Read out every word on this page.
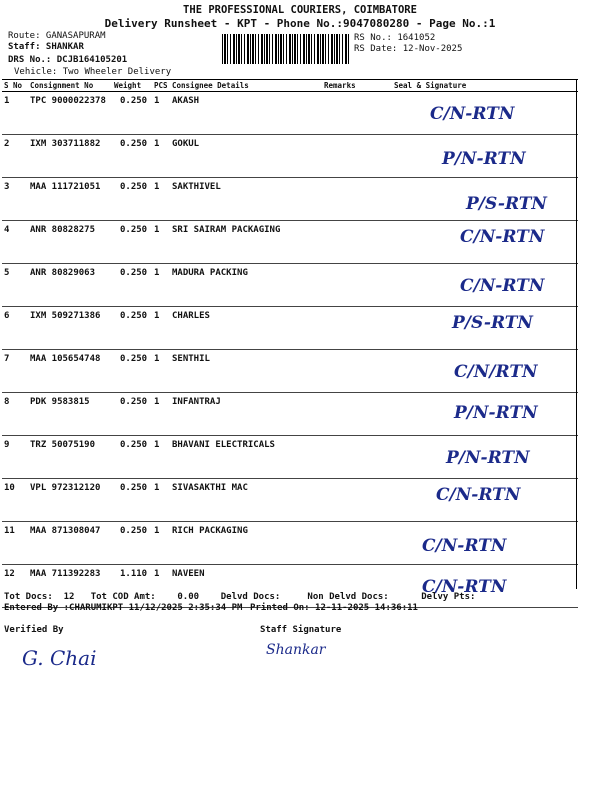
THE PROFESSIONAL COURIERS, COIMBATORE
Delivery Runsheet - KPT - Phone No.:9047080280 - Page No.:1
Route: GANASAPURAM
Staff: SHANKAR
DRS No.: DCJB164105201
Vehicle: Two Wheeler Delivery
RS No.: 1641052
RS Date: 12-Nov-2025
S No	Consignment No	Weight	PCS	Consignee Details	Remarks	Seal & Signature
1	TPC 9000022378	0.250	1	AKASH		C/N-RTN

2	IXM 303711882	0.250	1	GOKUL		P/N-RTN

3	MAA 111721051	0.250	1	SAKTHIVEL		P/S-RTN

4	ANR 80828275	0.250	1	SRI SAIRAM PACKAGING		C/N-RTN

5	ANR 80829063	0.250	1	MADURA PACKING		C/N-RTN

6	IXM 509271386	0.250	1	CHARLES		P/S-RTN

7	MAA 105654748	0.250	1	SENTHIL		C/N/RTN

8	PDK 9583815	0.250	1	INFANTRAJ		P/N-RTN

9	TRZ 50075190	0.250	1	BHAVANI ELECTRICALS		P/N-RTN

10	VPL 972312120	0.250	1	SIVASAKTHI MAC		C/N-RTN

11	MAA 871308047	0.250	1	RICH PACKAGING		C/N-RTN

12	MAA 711392283	1.110	1	NAVEEN		C/N-RTN
Tot Docs:  12   Tot COD Amt:    0.00    Delvd Docs:     Non Delvd Docs:      Delvy Pts:
Entered By :CHARUMIKPT 11/12/2025 2:35:34 PM Printed On: 12-11-2025 14:36:11
Verified By	Staff Signature
G. Chai	Shankar
